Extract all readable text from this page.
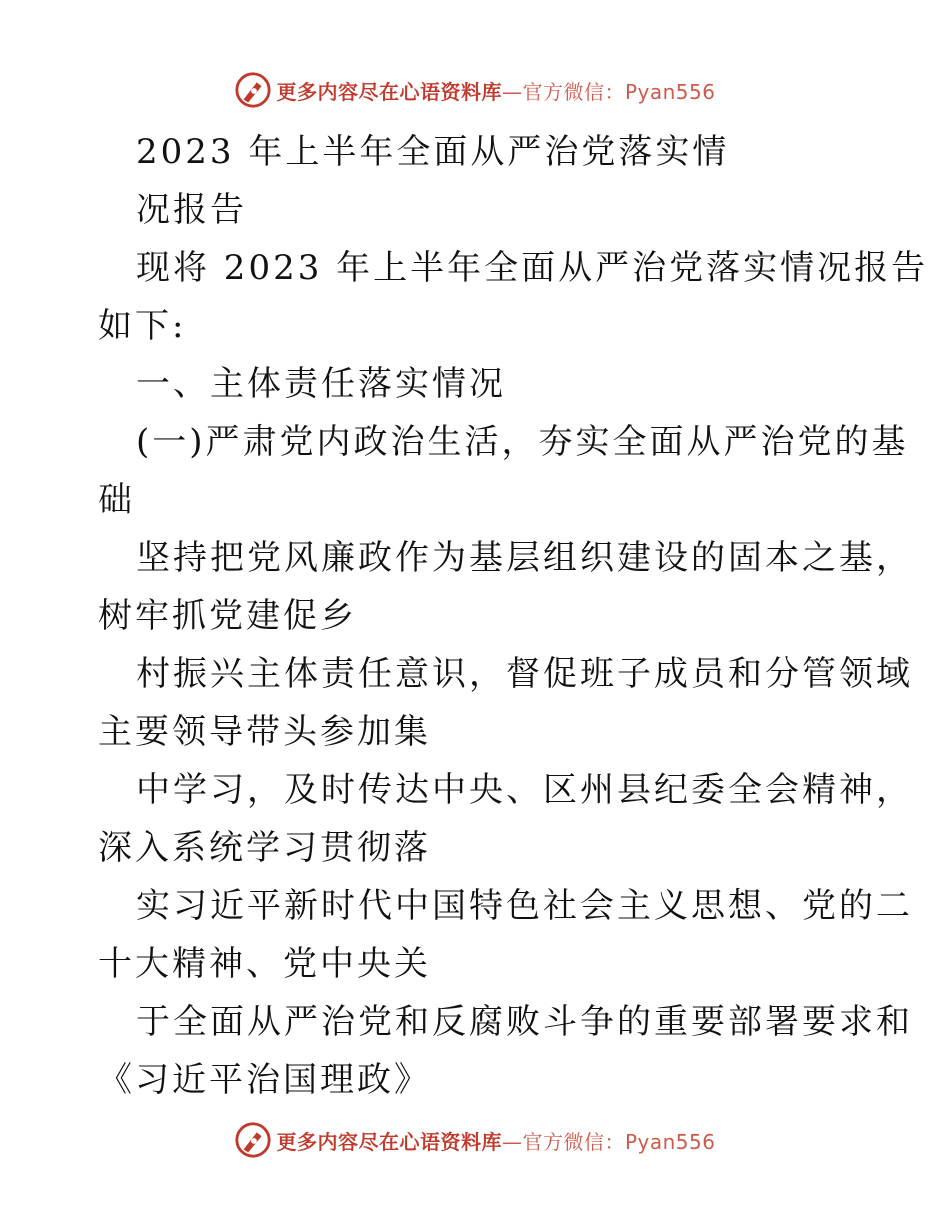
更多内容尽在心语资料库—官方微信：Pyan556

2023 年上半年全面从严治党落实情

况报告

现将 2023 年上半年全面从严治党落实情况报告

如下:

一、主体责任落实情况

(一)严肃党内政治生活，夯实全面从严治党的基

础

坚持把党风廉政作为基层组织建设的固本之基，

树牢抓党建促乡

村振兴主体责任意识，督促班子成员和分管领域

主要领导带头参加集

中学习，及时传达中央、区州县纪委全会精神，

深入系统学习贯彻落

实习近平新时代中国特色社会主义思想、党的二

十大精神、党中央关

于全面从严治党和反腐败斗争的重要部署要求和

《习近平治国理政》

更多内容尽在心语资料库—官方微信：Pyan556
